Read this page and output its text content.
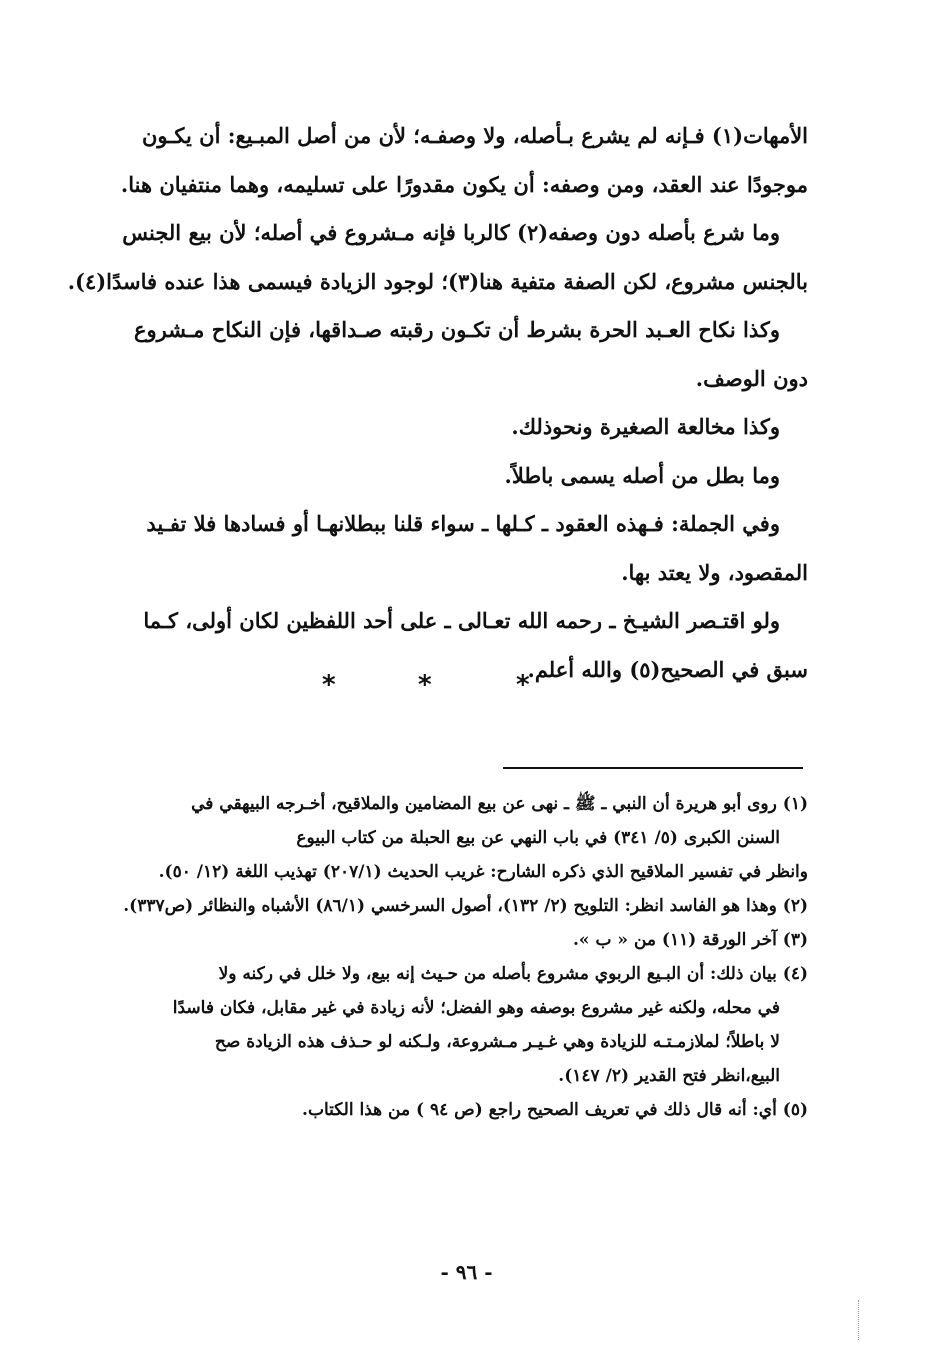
الأمهات(١) فـإنه لم يشرع بـأصله، ولا وصفـه؛ لأن من أصل المبـيع: أن يكـون
موجودًا عند العقد، ومن وصفه: أن يكون مقدورًا على تسليمه، وهما منتفيان هنا.
وما شرع بأصله دون وصفه(٢) كالربا فإنه مـشروع في أصله؛ لأن بيع الجنس
بالجنس مشروع، لكن الصفة متفية هنا(٣)؛ لوجود الزيادة فيسمى هذا عنده فاسدًا(٤).
وكذا نكاح العـبد الحرة بشرط أن تكـون رقبته صـداقها، فإن النكاح مـشروع
دون الوصف.
وكذا مخالعة الصغيرة ونحوذلك.
وما بطل من أصله يسمى باطلاً.
وفي الجملة: فـهذه العقود ـ كـلها ـ سواء قلنا ببطلانهـا أو فسادها فلا تفـيد
المقصود، ولا يعتد بها.
ولو اقتـصر الشيـخ ـ رحمه الله تعـالى ـ على أحد اللفظين لكان أولى، كـما
سبق في الصحيح(٥) والله أعلم.
*	*	*
(١) روى أبو هريرة أن النبي ـ ﷺ ـ نهى عن بيع المضامين والملاقيح، أخـرجه البيهقي في
السنن الكبرى (٥/ ٣٤١) في باب النهي عن بيع الحبلة من كتاب البيوع
وانظر في تفسير الملاقيح الذي ذكره الشارح: غريب الحديث (٢٠٧/١) تهذيب اللغة (١٢/ ٥٠).
(٢) وهذا هو الفاسد انظر: التلويح (٢/ ١٣٢)، أصول السرخسي (٨٦/١) الأشباه والنظائر (ص٣٣٧).
(٣) آخر الورقة (١١) من « ب ».
(٤) بيان ذلك: أن البـيع الربوي مشروع بأصله من حـيث إنه بيع، ولا خلل في ركنه ولا
في محله، ولكنه غير مشروع بوصفه وهو الفضل؛ لأنه زيادة في غير مقابل، فكان فاسدًا
لا باطلاً؛ لملازمـتـه للزيادة وهي غـيـر مـشروعة، ولـكنه لو حـذف هذه الزيادة صح
البيع،انظر فتح القدير (٢/ ١٤٧).
(٥) أي: أنه قال ذلك في تعريف الصحيح راجع (ص ٩٤ ) من هذا الكتاب.
- ٩٦ -
